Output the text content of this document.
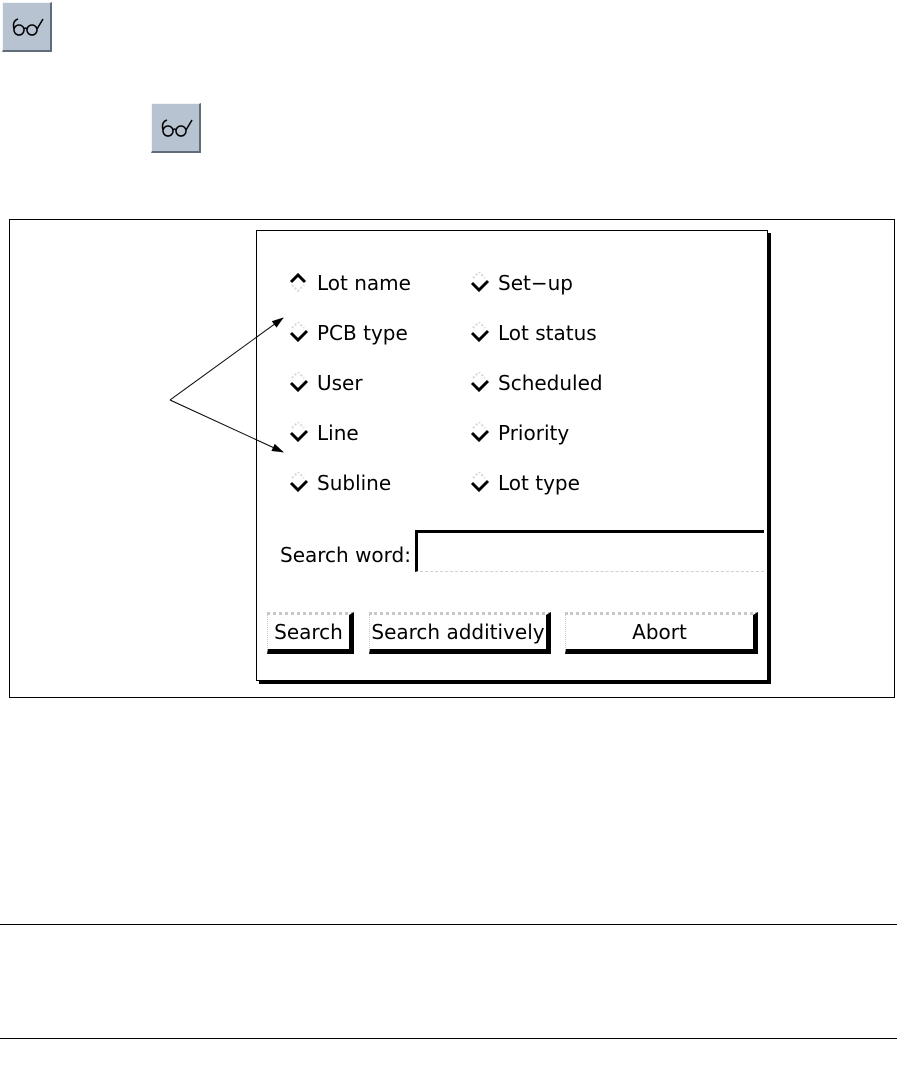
Lot name
PCB type
User
Line
Subline
Set−up
Lot status
Scheduled
Priority
Lot type
Search word:
Search	Search additively	Abort
